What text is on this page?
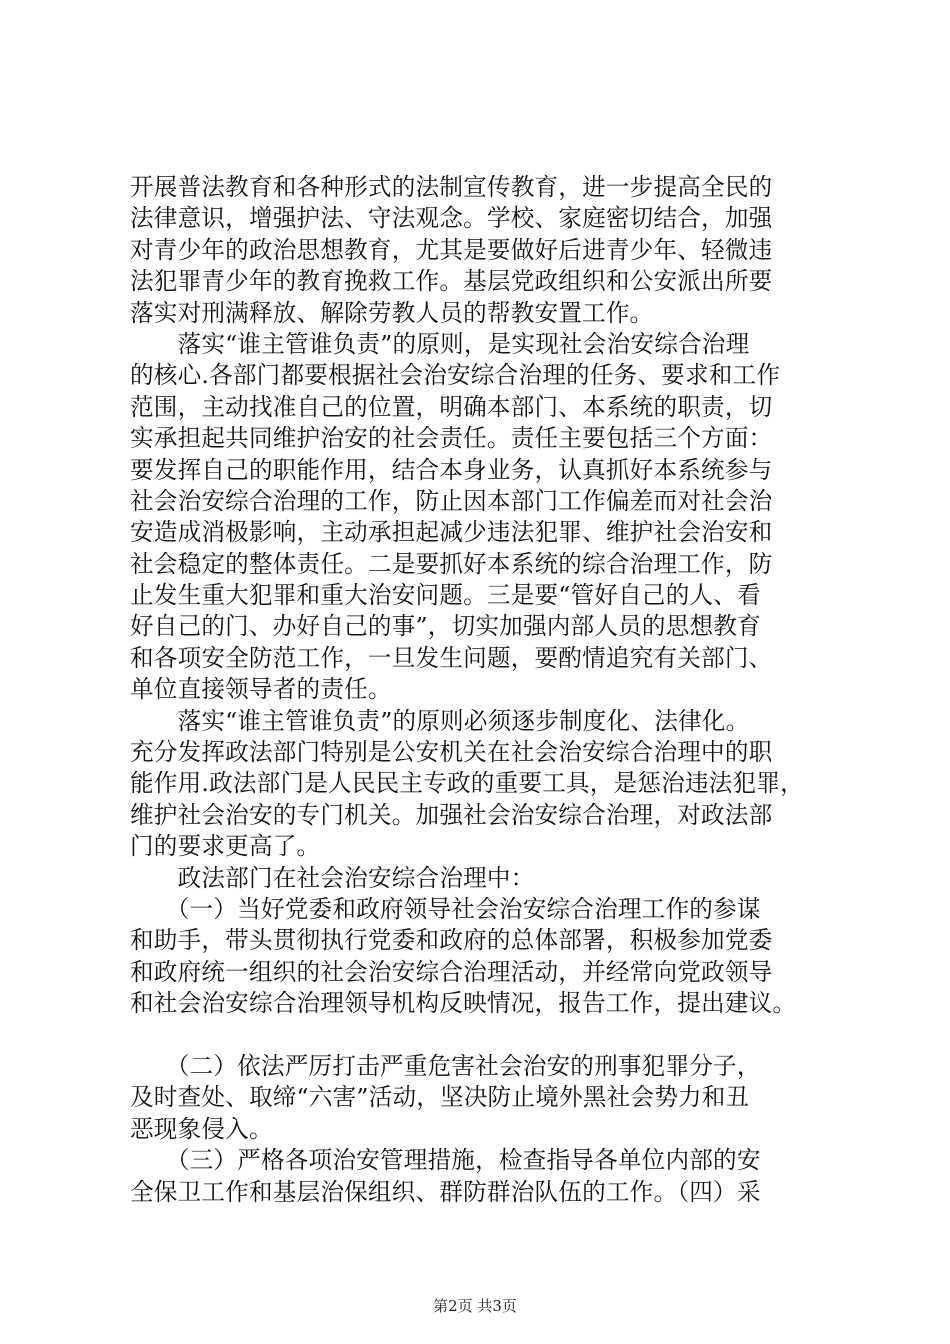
开展普法教育和各种形式的法制宣传教育，进一步提高全民的
法律意识，增强护法、守法观念。学校、家庭密切结合，加强
对青少年的政治思想教育，尤其是要做好后进青少年、轻微违
法犯罪青少年的教育挽救工作。基层党政组织和公安派出所要
落实对刑满释放、解除劳教人员的帮教安置工作。
　　落实“谁主管谁负责”的原则，是实现社会治安综合治理
的核心.各部门都要根据社会治安综合治理的任务、要求和工作
范围，主动找准自己的位置，明确本部门、本系统的职责，切
实承担起共同维护治安的社会责任。责任主要包括三个方面：
要发挥自己的职能作用，结合本身业务，认真抓好本系统参与
社会治安综合治理的工作，防止因本部门工作偏差而对社会治
安造成消极影响，主动承担起减少违法犯罪、维护社会治安和
社会稳定的整体责任。二是要抓好本系统的综合治理工作，防
止发生重大犯罪和重大治安问题。三是要“管好自己的人、看
好自己的门、办好自己的事”，切实加强内部人员的思想教育
和各项安全防范工作，一旦发生问题，要酌情追究有关部门、
单位直接领导者的责任。
　　落实“谁主管谁负责”的原则必须逐步制度化、法律化。
充分发挥政法部门特别是公安机关在社会治安综合治理中的职
能作用.政法部门是人民民主专政的重要工具，是惩治违法犯罪，
维护社会治安的专门机关。加强社会治安综合治理，对政法部
门的要求更高了。
　　政法部门在社会治安综合治理中：
　　（一）当好党委和政府领导社会治安综合治理工作的参谋
和助手，带头贯彻执行党委和政府的总体部署，积极参加党委
和政府统一组织的社会治安综合治理活动，并经常向党政领导
和社会治安综合治理领导机构反映情况，报告工作，提出建议。
　　（二）依法严厉打击严重危害社会治安的刑事犯罪分子，
及时查处、取缔“六害”活动，坚决防止境外黑社会势力和丑
恶现象侵入。
　　（三）严格各项治安管理措施，检查指导各单位内部的安
全保卫工作和基层治保组织、群防群治队伍的工作。（四）采
第2页 共3页
